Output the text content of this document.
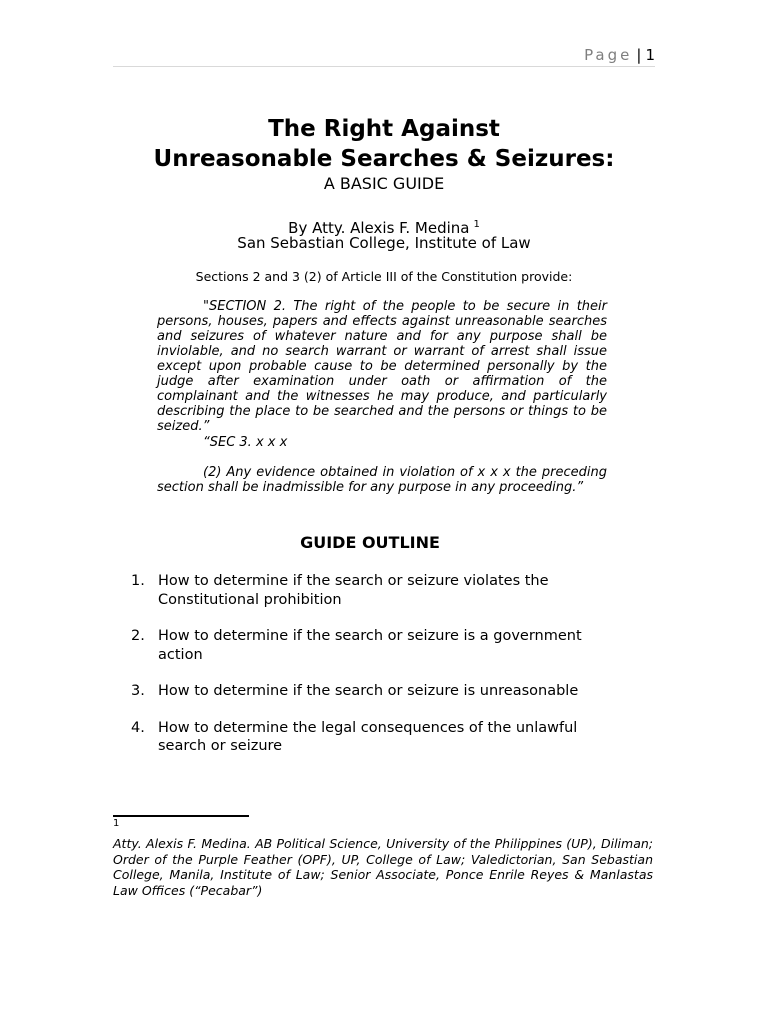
Page | 1
The Right Against
Unreasonable Searches & Seizures:
A BASIC GUIDE
By Atty. Alexis F. Medina $^1$
San Sebastian College, Institute of Law
Sections 2 and 3 (2) of Article III of the Constitution provide:
"SECTION 2. The right of the people to be secure in their persons, houses, papers and effects against unreasonable searches and seizures of whatever nature and for any purpose shall be inviolable, and no search warrant or warrant of arrest shall issue except upon probable cause to be determined personally by the judge after examination under oath or affirmation of the complainant and the witnesses he may produce, and particularly describing the place to be searched and the persons or things to be seized.”
“SEC 3. x x x
(2) Any evidence obtained in violation of x x x the preceding section shall be inadmissible for any purpose in any proceeding.”
GUIDE OUTLINE
1. How to determine if the search or seizure violates the Constitutional prohibition
2. How to determine if the search or seizure is a government action
3. How to determine if the search or seizure is unreasonable
4. How to determine the legal consequences of the unlawful search or seizure
1
Atty. Alexis F. Medina. AB Political Science, University of the Philippines (UP), Diliman; Order of the Purple Feather (OPF), UP, College of Law; Valedictorian, San Sebastian College, Manila, Institute of Law; Senior Associate, Ponce Enrile Reyes & Manlastas Law Offices (“Pecabar”)
